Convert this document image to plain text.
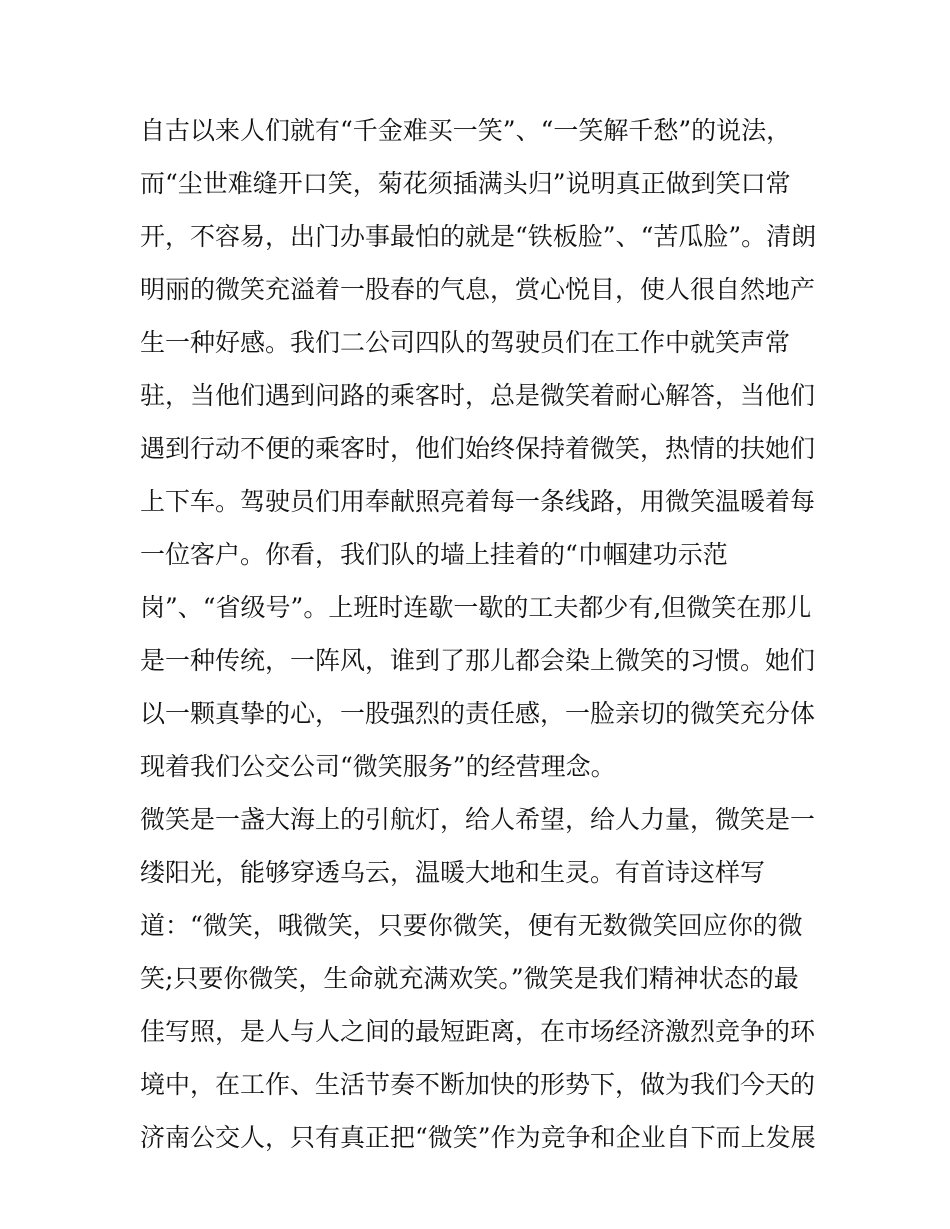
自古以来人们就有“千金难买一笑”、“一笑解千愁”的说法，
而“尘世难缝开口笑，菊花须插满头归”说明真正做到笑口常
开，不容易，出门办事最怕的就是“铁板脸”、“苦瓜脸”。清朗
明丽的微笑充溢着一股春的气息，赏心悦目，使人很自然地产
生一种好感。我们二公司四队的驾驶员们在工作中就笑声常
驻，当他们遇到问路的乘客时，总是微笑着耐心解答，当他们
遇到行动不便的乘客时，他们始终保持着微笑，热情的扶她们
上下车。驾驶员们用奉献照亮着每一条线路，用微笑温暖着每
一位客户。你看，我们队的墙上挂着的“巾帼建功示范
岗”、“省级号”。上班时连歇一歇的工夫都少有,但微笑在那儿
是一种传统，一阵风，谁到了那儿都会染上微笑的习惯。她们
以一颗真挚的心，一股强烈的责任感，一脸亲切的微笑充分体
现着我们公交公司“微笑服务”的经营理念。
微笑是一盏大海上的引航灯，给人希望，给人力量，微笑是一
缕阳光，能够穿透乌云，温暖大地和生灵。有首诗这样写
道：“微笑，哦微笑，只要你微笑，便有无数微笑回应你的微
笑;只要你微笑，生命就充满欢笑。”微笑是我们精神状态的最
佳写照，是人与人之间的最短距离，在市场经济激烈竞争的环
境中，在工作、生活节奏不断加快的形势下，做为我们今天的
济南公交人，只有真正把“微笑”作为竞争和企业自下而上发展
